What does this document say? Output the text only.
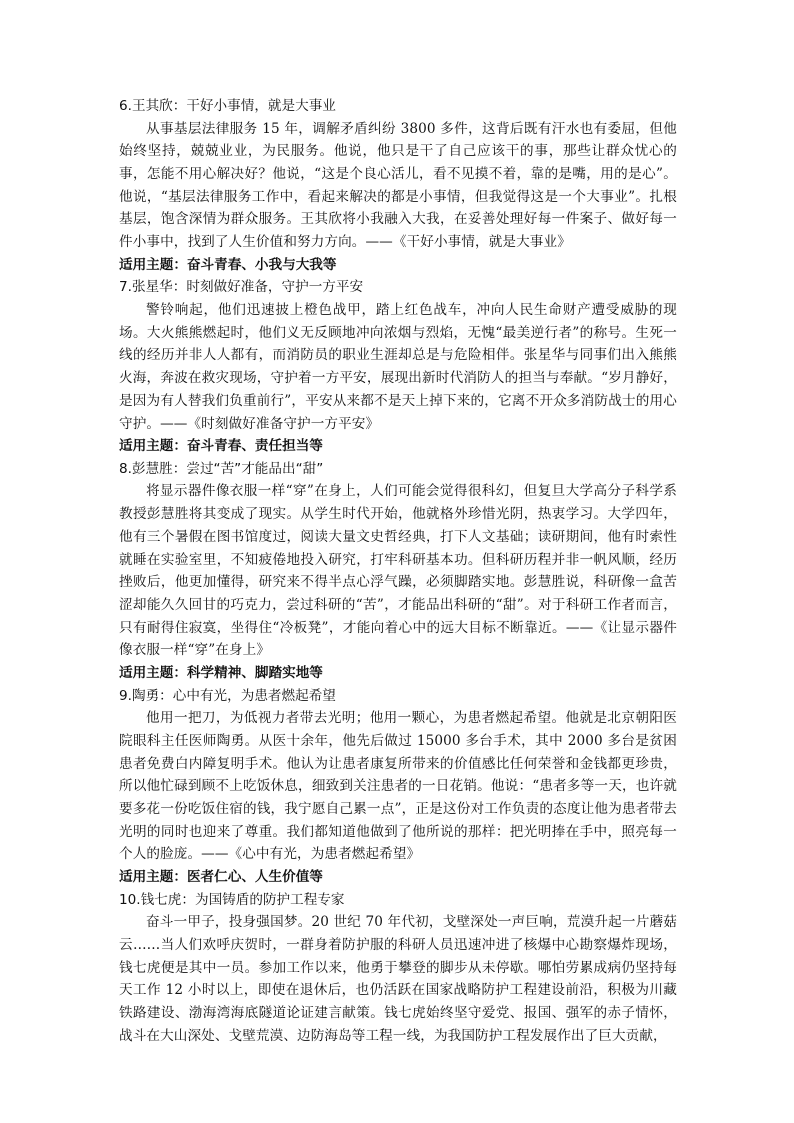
6.王其欣：干好小事情，就是大事业

从事基层法律服务 15 年，调解矛盾纠纷 3800 多件，这背后既有汗水也有委屈，但他始终坚持，兢兢业业，为民服务。他说，他只是干了自己应该干的事，那些让群众忧心的事，怎能不用心解决好？他说，“这是个良心活儿，看不见摸不着，靠的是嘴，用的是心”。他说，“基层法律服务工作中，看起来解决的都是小事情，但我觉得这是一个大事业”。扎根基层，饱含深情为群众服务。王其欣将小我融入大我，在妥善处理好每一件案子、做好每一件小事中，找到了人生价值和努力方向。——《干好小事情，就是大事业》

适用主题：奋斗青春、小我与大我等

7.张星华：时刻做好准备，守护一方平安

警铃响起，他们迅速披上橙色战甲，踏上红色战车，冲向人民生命财产遭受威胁的现场。大火熊熊燃起时，他们义无反顾地冲向浓烟与烈焰，无愧“最美逆行者”的称号。生死一线的经历并非人人都有，而消防员的职业生涯却总是与危险相伴。张星华与同事们出入熊熊火海，奔波在救灾现场，守护着一方平安，展现出新时代消防人的担当与奉献。“岁月静好，是因为有人替我们负重前行”，平安从来都不是天上掉下来的，它离不开众多消防战士的用心守护。——《时刻做好准备守护一方平安》

适用主题：奋斗青春、责任担当等

8.彭慧胜：尝过“苦”才能品出“甜”

将显示器件像衣服一样“穿”在身上，人们可能会觉得很科幻，但复旦大学高分子科学系教授彭慧胜将其变成了现实。从学生时代开始，他就格外珍惜光阴，热衷学习。大学四年，他有三个暑假在图书馆度过，阅读大量文史哲经典，打下人文基础；读研期间，他有时索性就睡在实验室里，不知疲倦地投入研究，打牢科研基本功。但科研历程并非一帆风顺，经历挫败后，他更加懂得，研究来不得半点心浮气躁，必须脚踏实地。彭慧胜说，科研像一盒苦涩却能久久回甘的巧克力，尝过科研的“苦”，才能品出科研的“甜”。对于科研工作者而言，只有耐得住寂寞，坐得住“冷板凳”，才能向着心中的远大目标不断靠近。——《让显示器件像衣服一样“穿”在身上》

适用主题：科学精神、脚踏实地等

9.陶勇：心中有光，为患者燃起希望

他用一把刀，为低视力者带去光明；他用一颗心，为患者燃起希望。他就是北京朝阳医院眼科主任医师陶勇。从医十余年，他先后做过 15000 多台手术，其中 2000 多台是贫困患者免费白内障复明手术。他认为让患者康复所带来的价值感比任何荣誉和金钱都更珍贵，所以他忙碌到顾不上吃饭休息，细致到关注患者的一日花销。他说：“患者多等一天，也许就要多花一份吃饭住宿的钱，我宁愿自己累一点”，正是这份对工作负责的态度让他为患者带去光明的同时也迎来了尊重。我们都知道他做到了他所说的那样：把光明捧在手中，照亮每一个人的脸庞。——《心中有光，为患者燃起希望》

适用主题：医者仁心、人生价值等

10.钱七虎：为国铸盾的防护工程专家

奋斗一甲子，投身强国梦。20 世纪 70 年代初，戈壁深处一声巨响，荒漠升起一片蘑菇云……当人们欢呼庆贺时，一群身着防护服的科研人员迅速冲进了核爆中心勘察爆炸现场，钱七虎便是其中一员。参加工作以来，他勇于攀登的脚步从未停歇。哪怕劳累成病仍坚持每天工作 12 小时以上，即使在退休后，也仍活跃在国家战略防护工程建设前沿，积极为川藏铁路建设、渤海湾海底隧道论证建言献策。钱七虎始终坚守爱党、报国、强军的赤子情怀，战斗在大山深处、戈壁荒漠、边防海岛等工程一线，为我国防护工程发展作出了巨大贡献，
